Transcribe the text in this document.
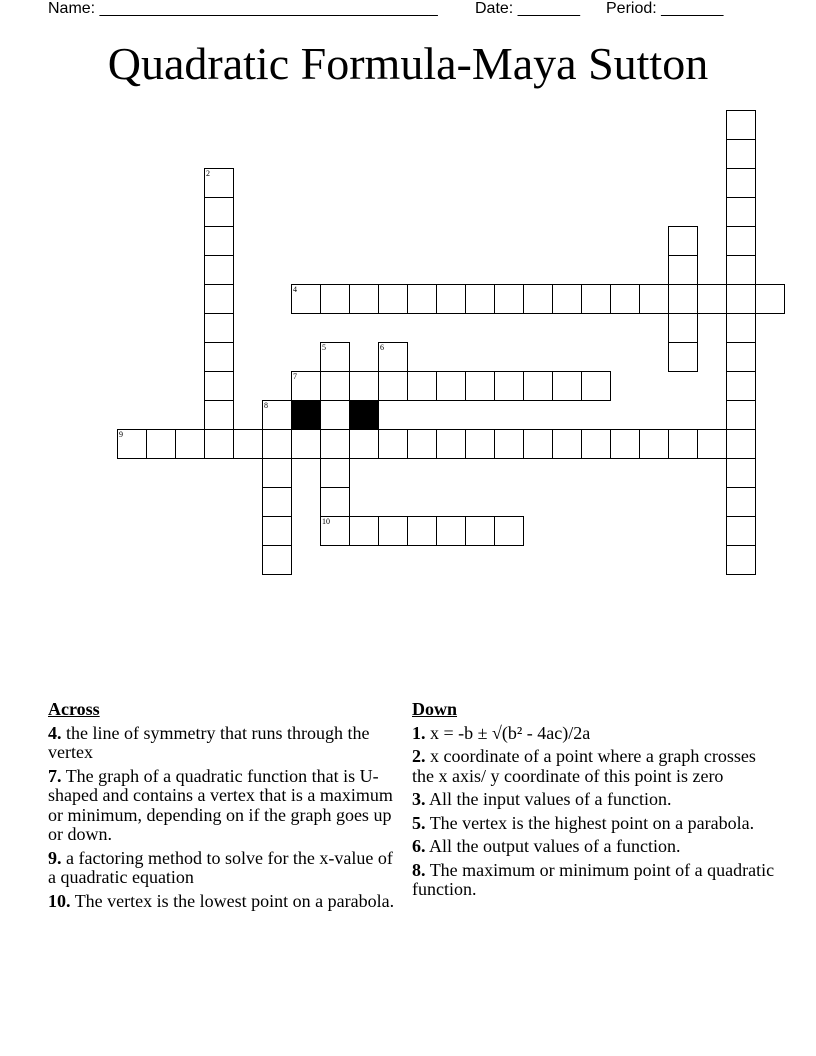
Name: ______________________________________ Date: _______ Period: _______
Quadratic Formula-Maya Sutton
2
4
5	6
7
9
8
10
Across
4. the line of symmetry that runs through the vertex
7. The graph of a quadratic function that is U-shaped and contains a vertex that is a maximum or minimum, depending on if the graph goes up or down.
9. a factoring method to solve for the x-value of a quadratic equation
10. The vertex is the lowest point on a parabola.
Down
1. x = -b ± √(b² - 4ac)/2a
2. x coordinate of a point where a graph crosses the x axis/ y coordinate of this point is zero
3. All the input values of a function.
5. The vertex is the highest point on a parabola.
6. All the output values of a function.
8. The maximum or minimum point of a quadratic function.
